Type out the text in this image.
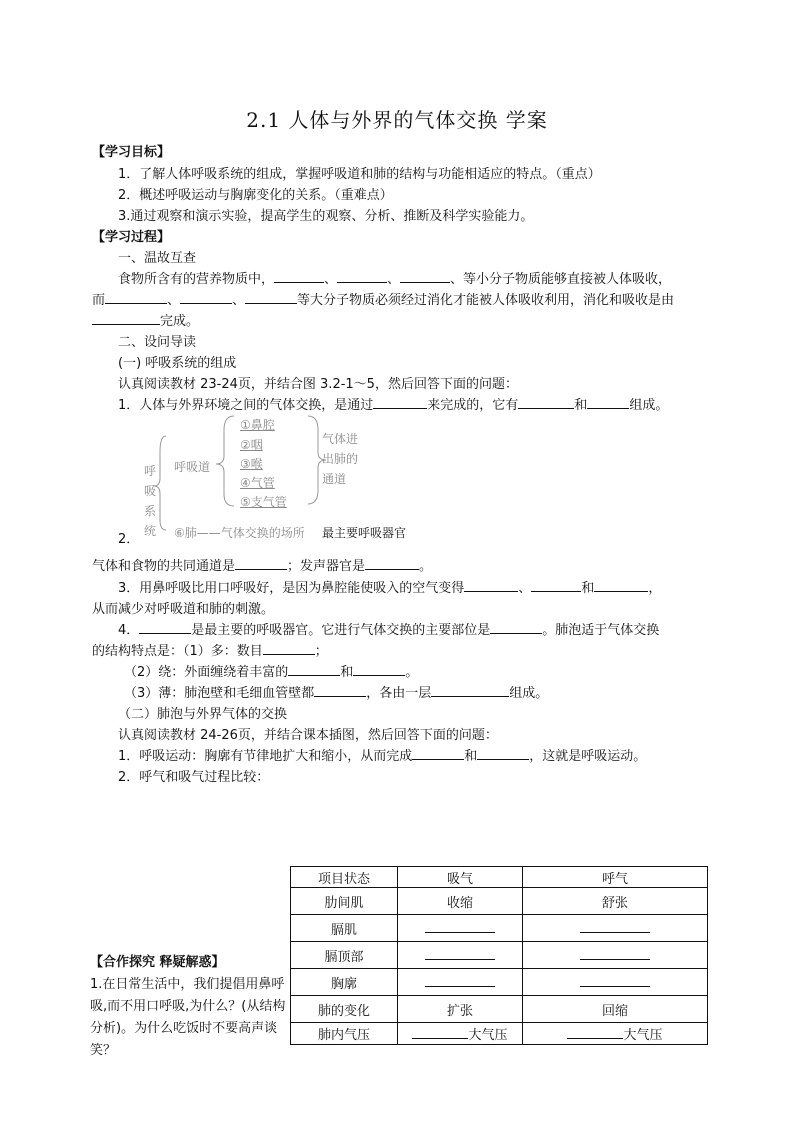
2.1 人体与外界的气体交换 学案
【学习目标】
1．了解人体呼吸系统的组成，掌握呼吸道和肺的结构与功能相适应的特点。（重点）
2．概述呼吸运动与胸廓变化的关系。（重难点）
3.通过观察和演示实验，提高学生的观察、分析、推断及科学实验能力。
【学习过程】
一、温故互查
食物所含有的营养物质中，	、	、	、等小分子物质能够直接被人体吸收，
而	、	、	等大分子物质必须经过消化才能被人体吸收利用，消化和吸收是由
完成。
二、设问导读
(一) 呼吸系统的组成
认真阅读教材 23-24页，并结合图 3.2-1～5，然后回答下面的问题：
1．人体与外界环境之间的气体交换，是通过	来完成的，它有	和	组成。
呼
吸
系
统
呼吸道
①鼻腔
②咽
③喉
④气管
⑤支气管
气体进
出肺的
通道
⑥肺——气体交换的场所 最主要呼吸器官
2．
气体和食物的共同通道是	；发声器官是	。
3．用鼻呼吸比用口呼吸好，是因为鼻腔能使吸入的空气变得	、	和	，
从而减少对呼吸道和肺的刺激。
4．	是最主要的呼吸器官。它进行气体交换的主要部位是	。肺泡适于气体交换
的结构特点是：（1）多：数目	；
（2）绕：外面缠绕着丰富的	和	。
（3）薄：肺泡壁和毛细血管壁都	，各由一层	组成。
（二）肺泡与外界气体的交换
认真阅读教材 24-26页，并结合课本插图，然后回答下面的问题：
1．呼吸运动：胸廓有节律地扩大和缩小，从而完成	和	，这就是呼吸运动。
2．呼气和吸气过程比较：
项目状态	吸气	呼气
肋间肌	收缩	舒张
膈肌		
膈顶部		
胸廓		
肺的变化	扩张	回缩
肺内气压	大气压	大气压
【合作探究 释疑解惑】
1.在日常生活中，我们提倡用鼻呼吸,而不用口呼吸,为什么？(从结构分析)。为什么吃饭时不要高声谈笑？
